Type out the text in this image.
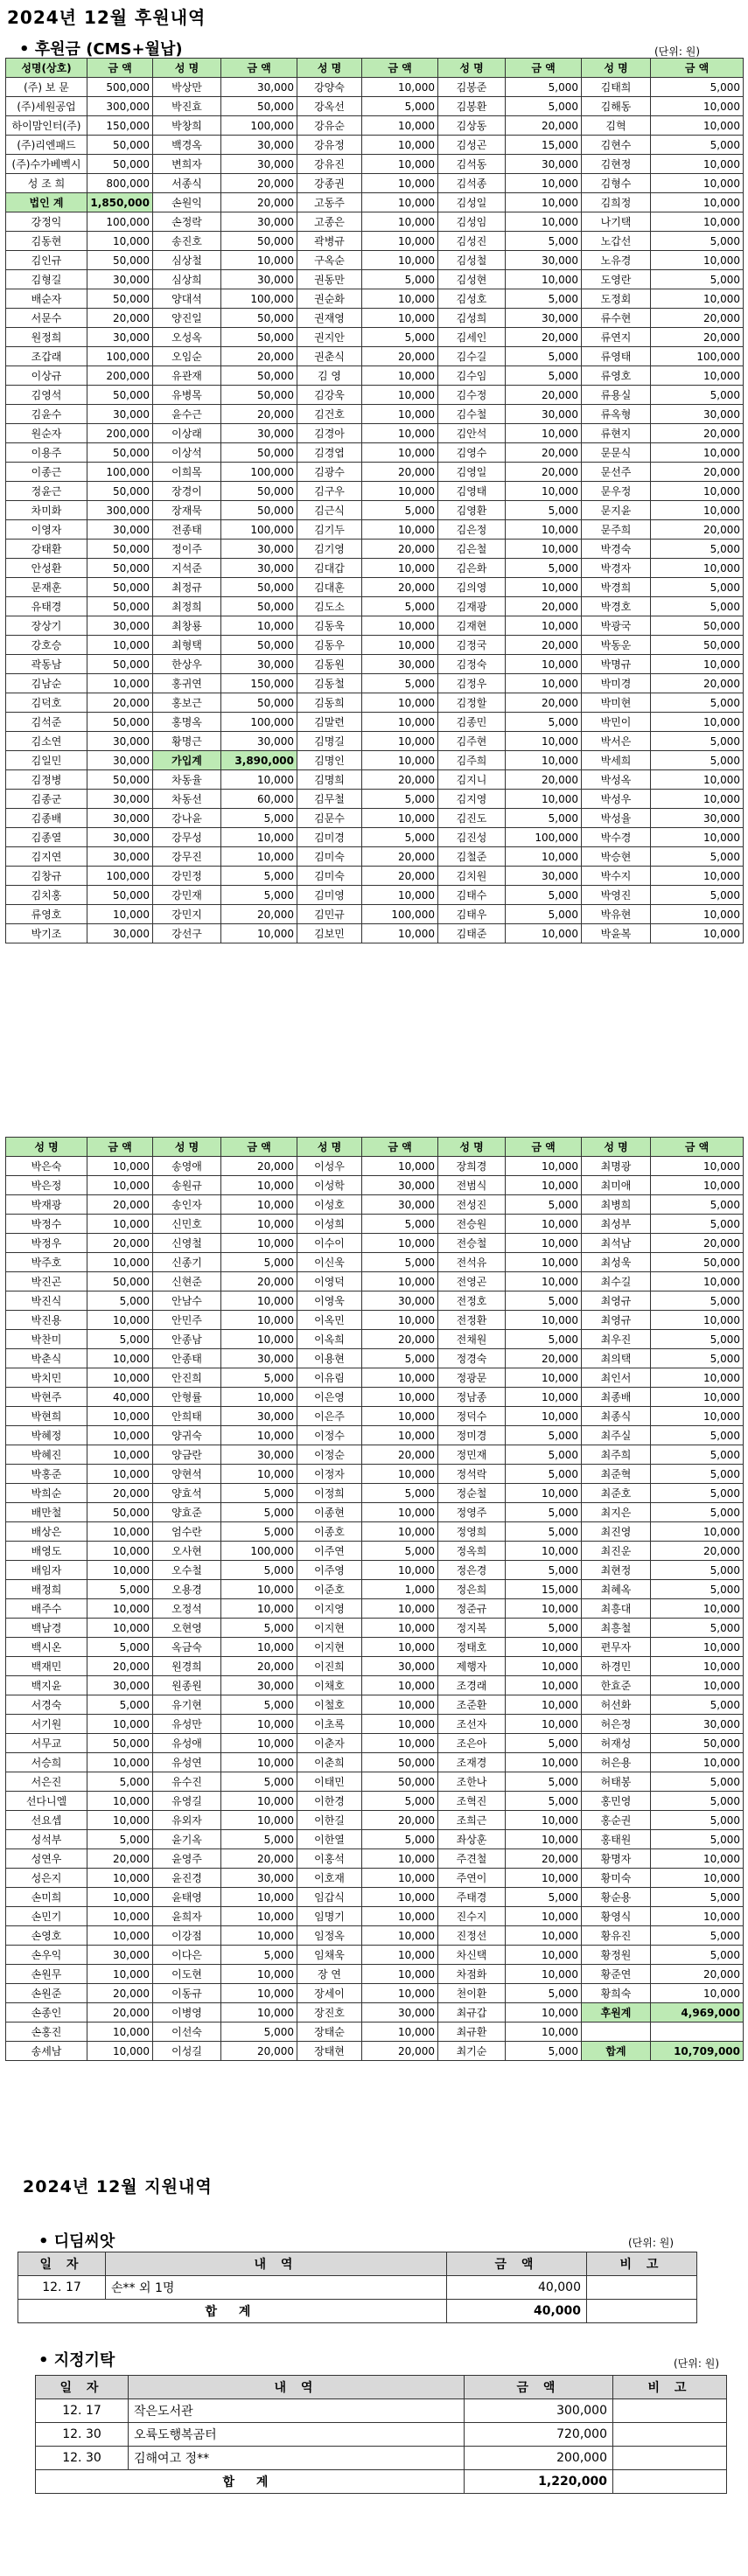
2024년 12월 후원내역
• 후원금 (CMS+월납)	(단위: 원)
성명(상호)	금 액	성 명	금 액	성 명	금 액	성 명	금 액	성 명	금 액
(주) 보 문	500,000	박상만	30,000	강양숙	10,000	김봉준	5,000	김태희	5,000
(주)세원공업	300,000	박진효	50,000	강옥선	5,000	김봉환	5,000	김해동	10,000
하이맘인터(주)	150,000	박창희	100,000	강유순	10,000	김상동	20,000	김혁	10,000
(주)리엔패드	50,000	백경옥	30,000	강유정	10,000	김성곤	15,000	김현수	5,000
(주)수가베벡시	50,000	변희자	30,000	강유진	10,000	김석동	30,000	김현정	10,000
성 조 희	800,000	서종식	20,000	강종권	10,000	김석종	10,000	김형수	10,000
법인 계	1,850,000	손원익	20,000	고동주	10,000	김성일	10,000	김희정	10,000
강정익	100,000	손정락	30,000	고종은	10,000	김성임	10,000	나기택	10,000
김동현	10,000	송진호	50,000	곽병규	10,000	김성진	5,000	노갑선	5,000
김인규	50,000	심상철	10,000	구옥순	10,000	김성철	30,000	노유경	10,000
김형길	30,000	심상희	30,000	권동만	5,000	김성현	10,000	도영란	5,000
배순자	50,000	양대석	100,000	권순화	10,000	김성호	5,000	도정회	10,000
서문수	20,000	양진일	50,000	권재영	10,000	김성희	30,000	류수현	20,000
원정희	30,000	오성옥	50,000	권지안	5,000	김세인	20,000	류연지	20,000
조갑래	100,000	오임순	20,000	권춘식	20,000	김수길	5,000	류영태	100,000
이상규	200,000	유관재	50,000	김 영	10,000	김수임	5,000	류영호	10,000
김영석	50,000	유병목	50,000	김강욱	10,000	김수정	20,000	류용실	5,000
김윤수	30,000	윤수근	20,000	김건호	10,000	김수철	30,000	류옥형	30,000
원순자	200,000	이상래	30,000	김경아	10,000	김안석	10,000	류현지	20,000
이용주	50,000	이상석	50,000	김경엽	10,000	김영수	20,000	문문식	10,000
이종근	100,000	이희목	100,000	김광수	20,000	김영일	20,000	문선주	20,000
정윤근	50,000	장경이	50,000	김구우	10,000	김영태	10,000	문우정	10,000
차미화	300,000	장재묵	50,000	김근식	5,000	김영환	5,000	문지윤	10,000
이영자	30,000	전종태	100,000	김기두	10,000	김은정	10,000	문주희	20,000
강태환	50,000	정이주	30,000	김기영	20,000	김은철	10,000	박경숙	5,000
안성환	50,000	지석준	30,000	김대갑	10,000	김은화	5,000	박경자	10,000
문재훈	50,000	최정규	50,000	김대훈	20,000	김의영	10,000	박경희	5,000
유태경	50,000	최정희	50,000	김도소	5,000	김재광	20,000	박경호	5,000
장상기	30,000	최창룡	10,000	김동욱	10,000	김재현	10,000	박광국	50,000
강호승	10,000	최형택	50,000	김동우	10,000	김정국	20,000	박동운	50,000
곽동남	50,000	한상우	30,000	김동원	30,000	김정숙	10,000	박명규	10,000
김남순	10,000	홍귀연	150,000	김동철	5,000	김정우	10,000	박미경	20,000
김덕호	20,000	홍보근	50,000	김동희	10,000	김정할	20,000	박미현	5,000
김석준	50,000	홍명옥	100,000	김말련	10,000	김종민	5,000	박민이	10,000
김소연	30,000	황명근	30,000	김명길	10,000	김주현	10,000	박서은	5,000
김일민	30,000	가입계	3,890,000	김명인	10,000	김주희	10,000	박세희	5,000
김정병	50,000	차동율	10,000	김명희	20,000	김지니	20,000	박성옥	10,000
김종군	30,000	차동선	60,000	김무철	5,000	김지영	10,000	박성우	10,000
김종배	30,000	강나윤	5,000	김문수	10,000	김진도	5,000	박성율	30,000
김종열	30,000	강무성	10,000	김미경	5,000	김진성	100,000	박수경	10,000
김지연	30,000	강무진	10,000	김미숙	20,000	김철준	10,000	박승현	5,000
김창규	100,000	강민정	5,000	김미숙	20,000	김치원	30,000	박수지	10,000
김치홍	50,000	강민재	5,000	김미영	10,000	김태수	5,000	박영진	5,000
류영호	10,000	강민지	20,000	김민규	100,000	김태우	5,000	박유현	10,000
박기조	30,000	강선구	10,000	김보민	10,000	김태준	10,000	박윤복	10,000
성 명	금 액	성 명	금 액	성 명	금 액	성 명	금 액	성 명	금 액
박은숙	10,000	송영애	20,000	이성우	10,000	장희경	10,000	최명광	10,000
박은정	10,000	송원규	10,000	이성학	30,000	전범식	10,000	최미애	10,000
박재광	20,000	송인자	10,000	이성호	30,000	전성진	5,000	최병희	5,000
박정수	10,000	신민호	10,000	이성희	5,000	전승원	10,000	최성부	5,000
박정우	20,000	신영철	10,000	이수이	10,000	전승철	10,000	최석남	20,000
박주호	10,000	신종기	5,000	이신욱	5,000	전석유	10,000	최성욱	50,000
박진곤	50,000	신현준	20,000	이영덕	10,000	전영곤	10,000	최수길	10,000
박진식	5,000	안남수	10,000	이영욱	30,000	전정호	5,000	최영규	5,000
박진용	10,000	안민주	10,000	이옥민	10,000	전정환	10,000	최영규	10,000
박찬미	5,000	안종남	10,000	이옥희	20,000	전채원	5,000	최우진	5,000
박춘식	10,000	안종태	30,000	이용현	5,000	정경숙	20,000	최의택	5,000
박치민	10,000	안진희	5,000	이유림	10,000	정광문	10,000	최인서	10,000
박현주	40,000	안형률	10,000	이은영	10,000	정남종	10,000	최종배	10,000
박현희	10,000	안희태	30,000	이은주	10,000	정덕수	10,000	최종식	10,000
박혜정	10,000	양귀숙	10,000	이정수	10,000	정미경	5,000	최주실	5,000
박혜진	10,000	양금란	30,000	이정순	20,000	정민재	5,000	최주희	5,000
박홍준	10,000	양현석	10,000	이정자	10,000	정석락	5,000	최준혁	5,000
박희순	20,000	양효석	5,000	이정희	5,000	정순철	10,000	최준호	5,000
배만철	50,000	양효준	5,000	이종현	10,000	정영주	5,000	최지은	5,000
배상은	10,000	엄수란	5,000	이종호	10,000	정영희	5,000	최진영	10,000
배영도	10,000	오사현	100,000	이주연	5,000	정옥희	10,000	최진운	20,000
배임자	10,000	오수철	5,000	이주영	10,000	정은경	5,000	최현정	5,000
배정희	5,000	오용경	10,000	이준호	1,000	정은희	15,000	최혜옥	5,000
배주수	10,000	오정석	10,000	이지영	10,000	정준규	10,000	최흥대	10,000
백남경	10,000	오현영	5,000	이지현	10,000	정지복	5,000	최흥철	5,000
백시온	5,000	옥금숙	10,000	이지현	10,000	정태호	10,000	편무자	10,000
백재민	20,000	원경희	20,000	이진희	30,000	제행자	10,000	하경민	10,000
백지윤	30,000	원종원	30,000	이채호	10,000	조경래	10,000	한효준	10,000
서경숙	5,000	유기현	5,000	이철호	10,000	조준환	10,000	허선화	5,000
서기원	10,000	유성만	10,000	이초록	10,000	조선자	10,000	허은정	30,000
서무교	50,000	유성애	10,000	이춘자	10,000	조은아	5,000	허재성	50,000
서승희	10,000	유성연	10,000	이춘희	50,000	조재경	10,000	허은용	10,000
서은진	5,000	유수진	5,000	이태민	50,000	조한나	5,000	허태봉	5,000
선다니엘	10,000	유영길	10,000	이한경	5,000	조혁진	5,000	홍민영	5,000
선요셉	10,000	유외자	10,000	이한길	20,000	조희근	10,000	홍순권	5,000
성석부	5,000	윤기옥	5,000	이한열	5,000	좌상훈	10,000	홍태원	5,000
성연우	20,000	윤영주	20,000	이홍석	10,000	주견철	20,000	황명자	10,000
성은지	10,000	윤진경	30,000	이호재	10,000	주연이	10,000	황미숙	10,000
손미희	10,000	윤태영	10,000	임갑식	10,000	주태경	5,000	황순용	5,000
손민기	10,000	윤희자	10,000	임명기	10,000	진수지	10,000	황영식	10,000
손영호	10,000	이강점	10,000	임정옥	10,000	진정선	10,000	황유진	5,000
손우익	30,000	이다은	5,000	임채욱	10,000	차신택	10,000	황정원	5,000
손원무	10,000	이도현	10,000	장 연	10,000	차점화	10,000	황준연	20,000
손원준	20,000	이동규	10,000	장세이	10,000	천이환	5,000	황희숙	10,000
손종인	20,000	이병영	10,000	장진호	30,000	최규갑	10,000	후원계	4,969,000
손홍진	10,000	이선숙	5,000	장태순	10,000	최규환	10,000		
송세남	10,000	이성길	20,000	장태현	20,000	최기순	5,000	합계	10,709,000
2024년 12월 지원내역
• 디딤씨앗	(단위: 원)
일 자	내 역	금 액	비 고
12. 17	손** 외 1명	40,000	
합 계		40,000	
• 지정기탁	(단위: 원)
일 자	내 역	금 액	비 고
12. 17	작은도서관	300,000	
12. 30	오륙도행복곰터	720,000	
12. 30	김해여고 정**	200,000	
합 계		1,220,000	
